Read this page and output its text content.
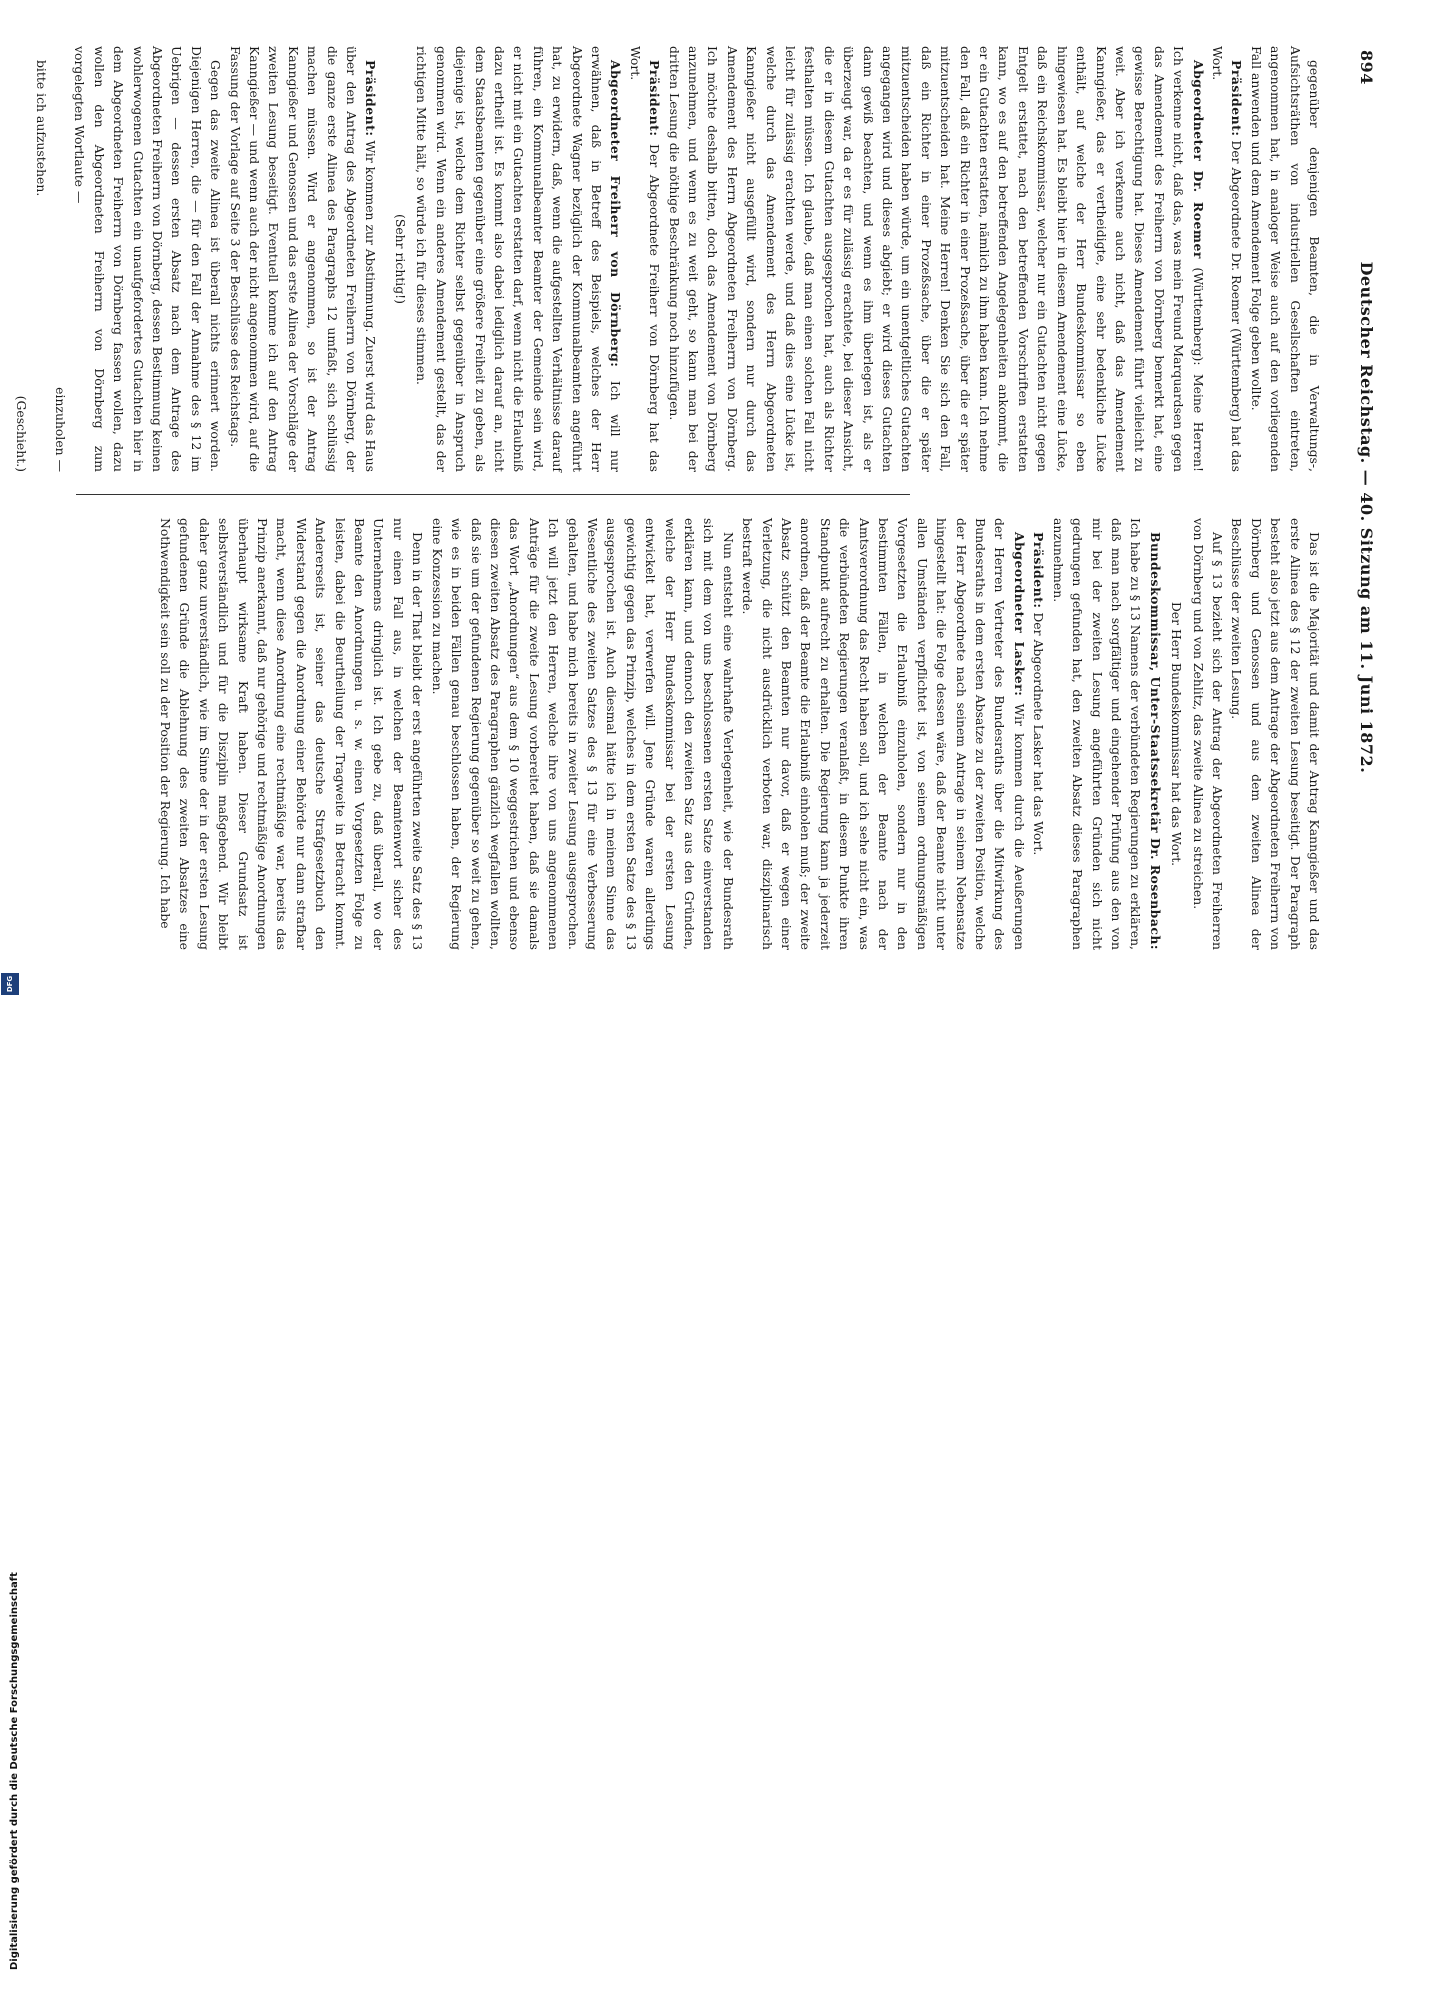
894
Deutscher Reichstag. — 40. Sitzung am 11. Juni 1872.

gegenüber denjenigen Beamten, die in Verwaltungs-, Aufsichtsräthen von industriellen Gesellschaften eintreten, angenommen hat, in analoger Weise auch auf den vorliegenden Fall anwenden und dem Amendement Folge geben wollte.

Präsident: Der Abgeordnete Dr. Roemer (Württemberg) hat das Wort.

Abgeordneter Dr. Roemer (Württemberg): Meine Herren! Ich verkenne nicht, daß das, was mein Freund Marquardsen gegen das Amendement des Freiherrn von Dörnberg bemerkt hat, eine gewisse Berechtigung hat. Dieses Amendement führt vielleicht zu weit. Aber ich verkenne auch nicht, daß das Amendement Kanngießer, das er vertheidigte, eine sehr bedenkliche Lücke enthält, auf welche der Herr Bundeskommissar so eben hingewiesen hat. Es bleibt hier in diesem Amendement eine Lücke, daß ein Reichskommissar, welcher nur ein Gutachten nicht gegen Entgelt erstattet, nach den betreffenden Vorschriften erstatten kann, wo es auf den betreffenden Angelegenheiten ankommt, die er ein Gutachten erstatten, nämlich zu ihm haben kann. Ich nehme den Fall, daß ein Richter in einer Prozeßsache, über die er später mitzuentscheiden hat. Meine Herren! Denken Sie sich den Fall, daß ein Richter in einer Prozeßsache, über die er später mitzuentscheiden haben würde, um ein unentgeltliches Gutachten angegangen wird und dieses abgiebt; er wird dieses Gutachten dann gewiß beachten, und wenn es ihm überlegen ist, als er überzeugt war, da er es für zulässig erachtete, bei dieser Ansicht, die er in diesem Gutachten ausgesprochen hat, auch als Richter festhalten müssen. Ich glaube, daß man einen solchen Fall nicht leicht für zulässig erachten werde, und daß dies eine Lücke ist, welche durch das Amendement des Herrn Abgeordneten Kanngießer nicht ausgefüllt wird, sondern nur durch das Amendement des Herrn Abgeordneten Freiherrn von Dörnberg. Ich möchte deshalb bitten, doch das Amendement von Dörnberg anzunehmen, und wenn es zu weit geht, so kann man bei der dritten Lesung die nöthige Beschränkung noch hinzufügen.

Präsident: Der Abgeordnete Freiherr von Dörnberg hat das Wort.

Abgeordneter Freiherr von Dörnberg: Ich will nur erwähnen, daß in Betreff des Beispiels, welches der Herr Abgeordnete Wagner bezüglich der Kommunalbeamten angeführt hat, zu erwidern, daß, wenn die aufgestellten Verhältnisse darauf führen, ein Kommunalbeamter Beamter der Gemeinde sein wird, er nicht mit ein Gutachten erstatten darf, wenn nicht die Erlaubniß dazu ertheilt ist. Es kommt also dabei lediglich darauf an, nicht dem Staatsbeamten gegenüber eine größere Freiheit zu geben, als diejenige ist, welche dem Richter selbst gegenüber in Anspruch genommen wird. Wenn ein anderes Amendement gestellt, das der richtigen Mitte hält, so würde ich für dieses stimmen.

(Sehr richtig!)

Präsident: Wir kommen zur Abstimmung. Zuerst wird das Haus über den Antrag des Abgeordneten Freiherrn von Dörnberg, der die ganze erste Alinea des Paragraphs 12 umfaßt, sich schlüssig machen müssen. Wird er angenommen, so ist der Antrag Kanngießer und Genossen und das erste Alinea der Vorschläge der zweiten Lesung beseitigt. Eventuell komme ich auf den Antrag Kanngießer — und wenn auch der nicht angenommen wird, auf die Fassung der Vorlage auf Seite 3 der Beschlüsse des Reichstags.

Gegen das zweite Alinea ist überall nichts erinnert worden. Diejenigen Herren, die — für den Fall der Annahme des § 12 im Uebrigen — dessen ersten Absatz nach dem Antrage des Abgeordneten Freiherrn von Dörnberg, dessen Bestimmung keinen wohlerwogenen Gutachten ein unaufgefordertes Gutachten hier in dem Abgeordneten Freiherrn von Dörnberg fassen wollen, dazu wollen den Abgeordneten Freiherrn von Dörnberg zum vorgelegten Wortlaute —

einzuholen —

bitte ich aufzustehen.

(Geschieht.)

Das ist die Majorität und damit der Antrag Kanngießer und das erste Alinea des § 12 der zweiten Lesung beseitigt. Der Paragraph besteht also jetzt aus dem Antrage der Abgeordneten Freiherrn von Dörnberg und Genossen und aus dem zweiten Alinea der Beschlüsse der zweiten Lesung.

Auf § 13 bezieht sich der Antrag der Abgeordneten Freiherren von Dörnberg und von Zehlitz, das zweite Alinea zu streichen.

Der Herr Bundeskommissar hat das Wort.

Bundeskommissar, Unter-Staatssekretär Dr. Rosenbach: Ich habe zu § 13 Namens der verbündeten Regierungen zu erklären, daß man nach sorgfältiger und eingehender Prüfung aus den von mir bei der zweiten Lesung angeführten Gründen sich nicht gedrungen gefunden hat, den zweiten Absatz dieses Paragraphen anzunehmen.

Präsident: Der Abgeordnete Lasker hat das Wort.

Abgeordneter Lasker: Wir kommen durch die Aeußerungen der Herren Vertreter des Bundesraths über die Mitwirkung des Bundesraths in dem ersten Absatze zu der zweiten Position, welche der Herr Abgeordnete nach seinem Antrage in seinem Nebensatze hingestellt hat: die Folge dessen wäre, daß der Beamte nicht unter allen Umständen verpflichtet ist, von seinem ordnungsmäßigen Vorgesetzten die Erlaubniß einzuholen, sondern nur in den bestimmten Fällen, in welchen der Beamte nach der Amtsverordnung das Recht haben soll, und ich sehe nicht ein, was die verbündeten Regierungen veranlaßt, in diesem Punkte ihren Standpunkt aufrecht zu erhalten. Die Regierung kann ja jederzeit anordnen, daß der Beamte die Erlaubniß einholen muß; der zweite Absatz schützt den Beamten nur davor, daß er wegen einer Verletzung, die nicht ausdrücklich verboten war, disziplinarisch bestraft werde.

Nun entsteht eine wahrhafte Verlegenheit, wie der Bundesrath sich mit dem von uns beschlossenen ersten Satze einverstanden erklären kann, und dennoch den zweiten Satz aus den Gründen, welche der Herr Bundeskommissar bei der ersten Lesung entwickelt hat, verwerfen will. Jene Gründe waren allerdings gewichtig gegen das Prinzip, welches in dem ersten Satze des § 13 ausgesprochen ist. Auch diesmal hätte ich in meinem Sinne das Wesentliche des zweiten Satzes des § 13 für eine Verbesserung gehalten, und habe mich bereits in zweiter Lesung ausgesprochen. Ich will jetzt den Herren, welche ihre von uns angenommenen Anträge für die zweite Lesung vorbereitet haben, daß sie damals das Wort „Anordnungen“ aus dem § 10 weggestrichen und ebenso diesen zweiten Absatz des Paragraphen gänzlich wegfallen wollten, daß sie um der gefundenen Regierung gegenüber so weit zu gehen, wie es in beiden Fällen genau beschlossen haben, der Regierung eine Konzession zu machen.

Denn in der That bleibt der erst angeführten zweite Satz des § 13 nur einen Fall aus, in welchen der Beamtenwort sicher des Unternehmens dringlich ist. Ich gebe zu, daß überall, wo der Beamte den Anordnungen u. s. w. einen Vorgesetzten Folge zu leisten, dabei die Beurtheilung der Tragweite in Betracht kommt. Andererseits ist, seiner das deutsche Strafgesetzbuch den Widerstand gegen die Anordnung einer Behörde nur dann strafbar macht, wenn diese Anordnung eine rechtmäßige war, bereits das Prinzip anerkannt, daß nur gehörige und rechtmäßige Anordnungen überhaupt wirksame Kraft haben. Dieser Grundsatz ist selbstverständlich und für die Disziplin maßgebend. Wir bleibt daher ganz unverständlich, wie im Sinne der in der ersten Lesung gefundenen Gründe die Ablehnung des zweiten Absatzes eine Nothwendigkeit sein soll zu der Position der Regierung. Ich habe

Digitalisierung gefördert durch die Deutsche Forschungsgemeinschaft
DFG
